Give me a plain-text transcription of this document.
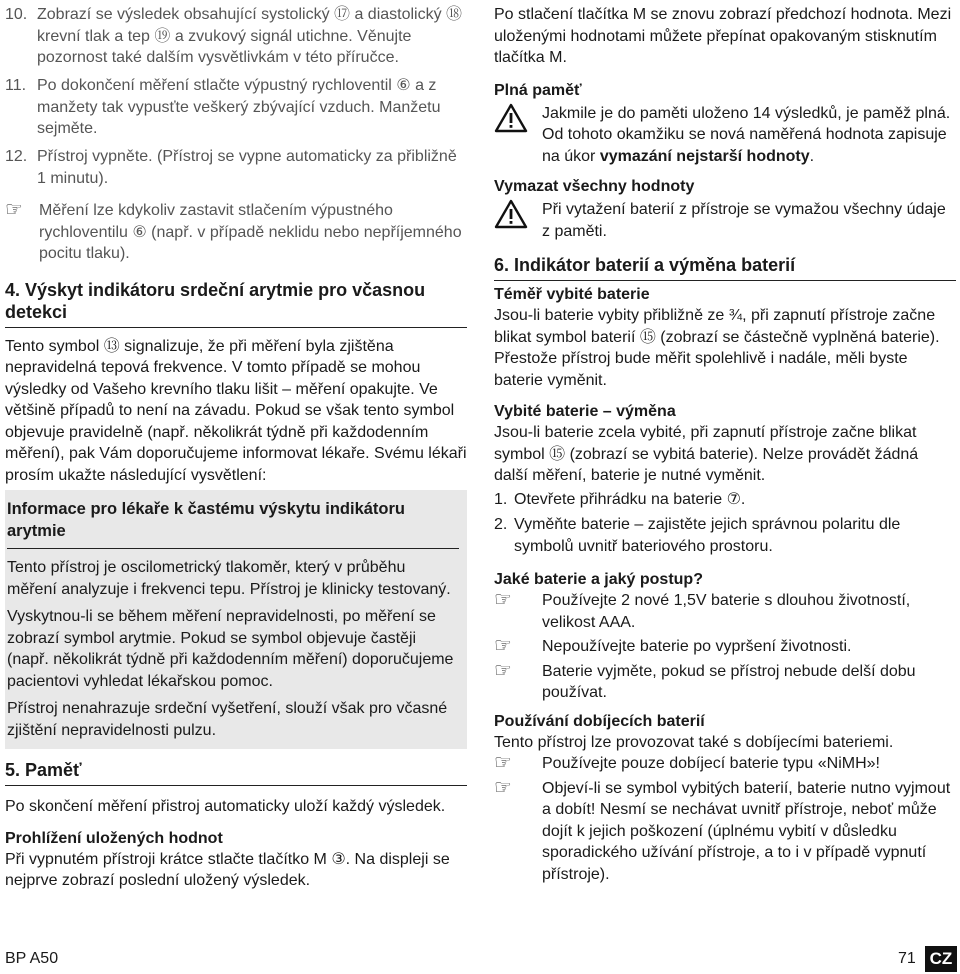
10. Zobrazí se výsledek obsahující systolický ⑰ a diastolický ⑱ krevní tlak a tep ⑲ a zvukový signál utichne. Věnujte pozornost také dalším vysvětlivkám v této příručce.
11. Po dokončení měření stlačte výpustný rychloventil ⑥ a z manžety tak vypusťte veškerý zbývající vzduch. Manžetu sejměte.
12. Přístroj vypněte. (Přístroj se vypne automaticky za přibližně 1 minutu).
☞	Měření lze kdykoliv zastavit stlačením výpustného rychloventilu ⑥ (např. v případě neklidu nebo nepříjemného pocitu tlaku).
4. Výskyt indikátoru srdeční arytmie pro včasnou detekci

Tento symbol ⑬ signalizuje, že při měření byla zjištěna nepravidelná tepová frekvence. V tomto případě se mohou výsledky od Vašeho krevního tlaku lišit – měření opakujte. Ve většině případů to není na závadu. Pokud se však tento symbol objevuje pravidelně (např. několikrát týdně při každodenním měření), pak Vám doporučujeme informovat lékaře. Svému lékaři prosím ukažte následující vysvětlení:

Informace pro lékaře k častému výskytu indikátoru arytmie

Tento přístroj je oscilometrický tlakoměr, který v průběhu měření analyzuje i frekvenci tepu. Přístroj je klinicky testovaný.

Vyskytnou-li se během měření nepravidelnosti, po měření se zobrazí symbol arytmie. Pokud se symbol objevuje častěji (např. několikrát týdně při každodenním měření) doporučujeme pacientovi vyhledat lékařskou pomoc.

Přístroj nenahrazuje srdeční vyšetření, slouží však pro včasné zjištění nepravidelnosti pulzu.

5. Paměť

Po skončení měření přistroj automaticky uloží každý výsledek.

Prohlížení uložených hodnot

Při vypnutém přístroji krátce stlačte tlačítko M ③. Na displeji se nejprve zobrazí poslední uložený výsledek.

Po stlačení tlačítka M se znovu zobrazí předchozí hodnota. Mezi uloženými hodnotami můžete přepínat opakovaným stisknutím tlačítka M.

Plná paměť
Jakmile je do paměti uloženo 14 výsledků, je paměž plná. Od tohoto okamžiku se nová naměřená hodnota zapisuje na úkor vymazání nejstarší hodnoty.
Vymazat všechny hodnoty
Při vytažení baterií z přístroje se vymažou všechny údaje z paměti.
6. Indikátor baterií a výměna baterií
Téměř vybité baterie

Jsou-li baterie vybity přibližně ze ¾, při zapnutí přístroje začne blikat symbol baterií ⑮ (zobrazí se částečně vyplněná baterie). Přestože přístroj bude měřit spolehlivě i nadále, měli byste baterie vyměnit.

Vybité baterie – výměna

Jsou-li baterie zcela vybité, při zapnutí přístroje začne blikat symbol ⑮ (zobrazí se vybitá baterie). Nelze provádět žádná další měření, baterie je nutné vyměnit.

1. Otevřete přihrádku na baterie ⑦.
2. Vyměňte baterie – zajistěte jejich správnou polaritu dle symbolů uvnitř bateriového prostoru.
Jaké baterie a jaký postup?
☞	Používejte 2 nové 1,5V baterie s dlouhou životností, velikost AAA.
☞	Nepoužívejte baterie po vypršení životnosti.
☞	Baterie vyjměte, pokud se přístroj nebude delší dobu používat.
Používání dobíjecích baterií

Tento přístroj lze provozovat také s dobíjecími bateriemi.

☞	Používejte pouze dobíjecí baterie typu «NiMH»!
☞	Objeví-li se symbol vybitých baterií, baterie nutno vyjmout a dobít! Nesmí se nechávat uvnitř přístroje, neboť může dojít k jejich poškození (úplnému vybití v důsledku sporadického užívání přístroje, a to i v případě vypnutí přístroje).
BP A50	71 CZ
